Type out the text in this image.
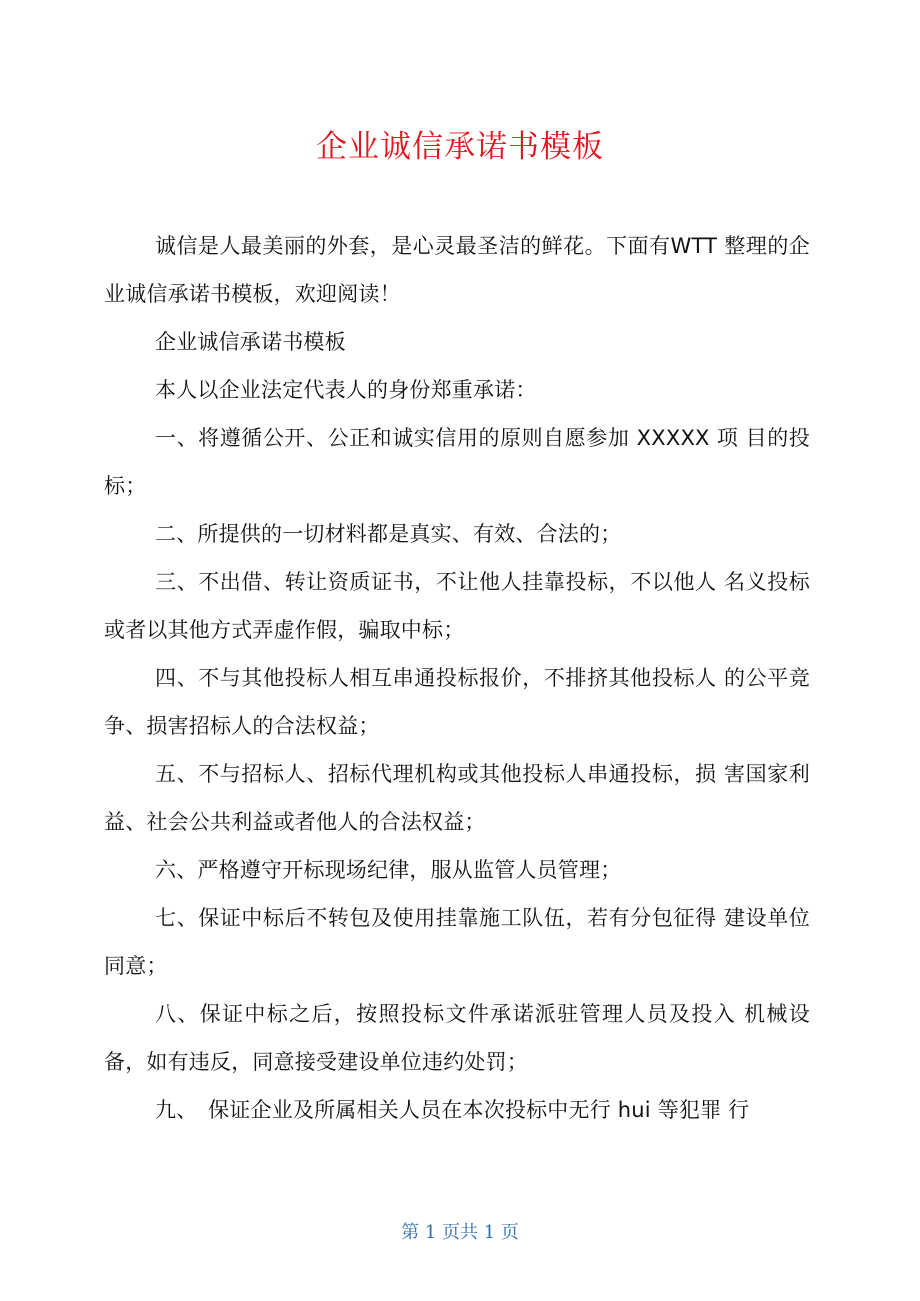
企业诚信承诺书模板

诚信是人最美丽的外套，是心灵最圣洁的鲜花。下面有WTT 整理的企业诚信承诺书模板，欢迎阅读！

企业诚信承诺书模板

本人以企业法定代表人的身份郑重承诺：

一、将遵循公开、公正和诚实信用的原则自愿参加 XXXXX 项 目的投标；

二、所提供的一切材料都是真实、有效、合法的；

三、不出借、转让资质证书，不让他人挂靠投标，不以他人 名义投标或者以其他方式弄虚作假，骗取中标；

四、不与其他投标人相互串通投标报价，不排挤其他投标人 的公平竞争、损害招标人的合法权益；

五、不与招标人、招标代理机构或其他投标人串通投标，损 害国家利益、社会公共利益或者他人的合法权益；

六、严格遵守开标现场纪律，服从监管人员管理；

七、保证中标后不转包及使用挂靠施工队伍，若有分包征得 建设单位同意；

八、保证中标之后，按照投标文件承诺派驻管理人员及投入 机械设备，如有违反，同意接受建设单位违约处罚；

九、　保证企业及所属相关人员在本次投标中无行 hui 等犯罪 行

第 1 页共 1 页
